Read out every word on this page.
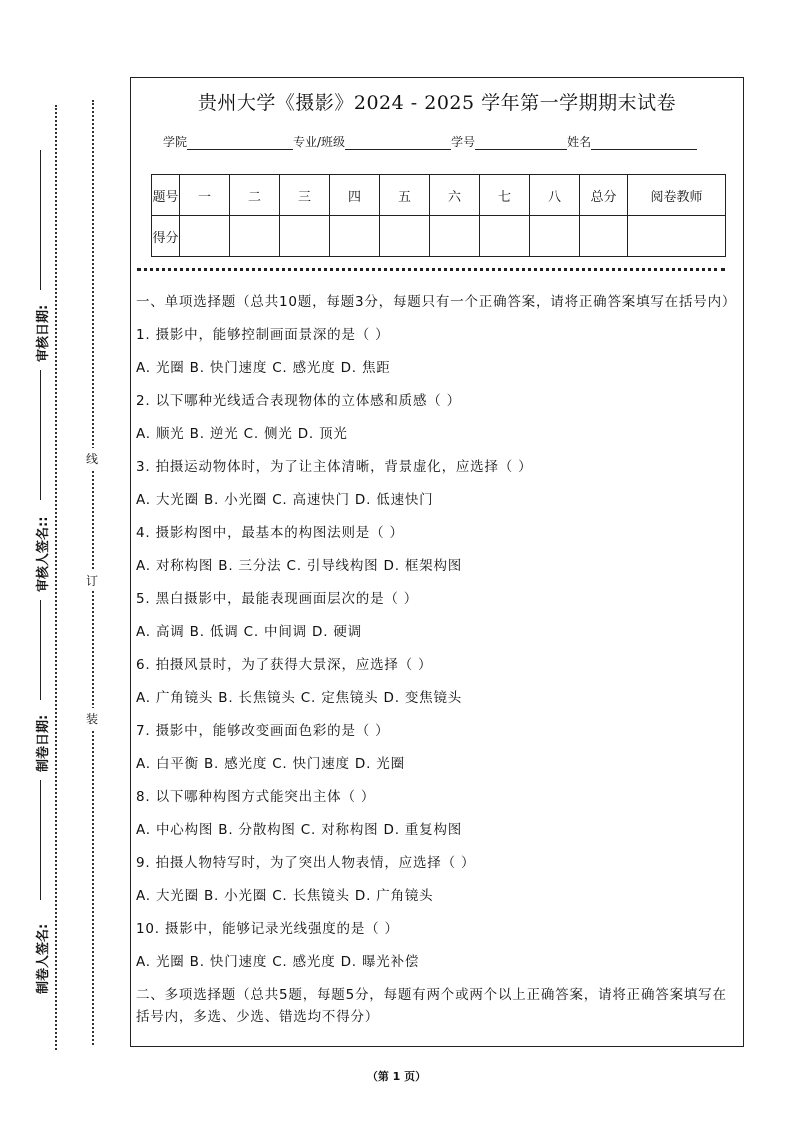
审核日期:
审核人签名::
制卷日期:
制卷人签名:
线
订
装
贵州大学《摄影》2024 - 2025 学年第一学期期末试卷
学院	专业/班级	学号	姓名
题号	一	二	三	四	五	六	七	八	总分	阅卷教师
得分										
一、单项选择题（总共10题，每题3分，每题只有一个正确答案，请将正确答案填写在括号内）
1. 摄影中，能够控制画面景深的是（ ）
A. 光圈 B. 快门速度 C. 感光度 D. 焦距
2. 以下哪种光线适合表现物体的立体感和质感（ ）
A. 顺光 B. 逆光 C. 侧光 D. 顶光
3. 拍摄运动物体时，为了让主体清晰，背景虚化，应选择（ ）
A. 大光圈 B. 小光圈 C. 高速快门 D. 低速快门
4. 摄影构图中，最基本的构图法则是（ ）
A. 对称构图 B. 三分法 C. 引导线构图 D. 框架构图
5. 黑白摄影中，最能表现画面层次的是（ ）
A. 高调 B. 低调 C. 中间调 D. 硬调
6. 拍摄风景时，为了获得大景深，应选择（ ）
A. 广角镜头 B. 长焦镜头 C. 定焦镜头 D. 变焦镜头
7. 摄影中，能够改变画面色彩的是（ ）
A. 白平衡 B. 感光度 C. 快门速度 D. 光圈
8. 以下哪种构图方式能突出主体（ ）
A. 中心构图 B. 分散构图 C. 对称构图 D. 重复构图
9. 拍摄人物特写时，为了突出人物表情，应选择（ ）
A. 大光圈 B. 小光圈 C. 长焦镜头 D. 广角镜头
10. 摄影中，能够记录光线强度的是（ ）
A. 光圈 B. 快门速度 C. 感光度 D. 曝光补偿
二、多项选择题（总共5题，每题5分，每题有两个或两个以上正确答案，请将正确答案填写在括号内，多选、少选、错选均不得分）
（第 1 页）
